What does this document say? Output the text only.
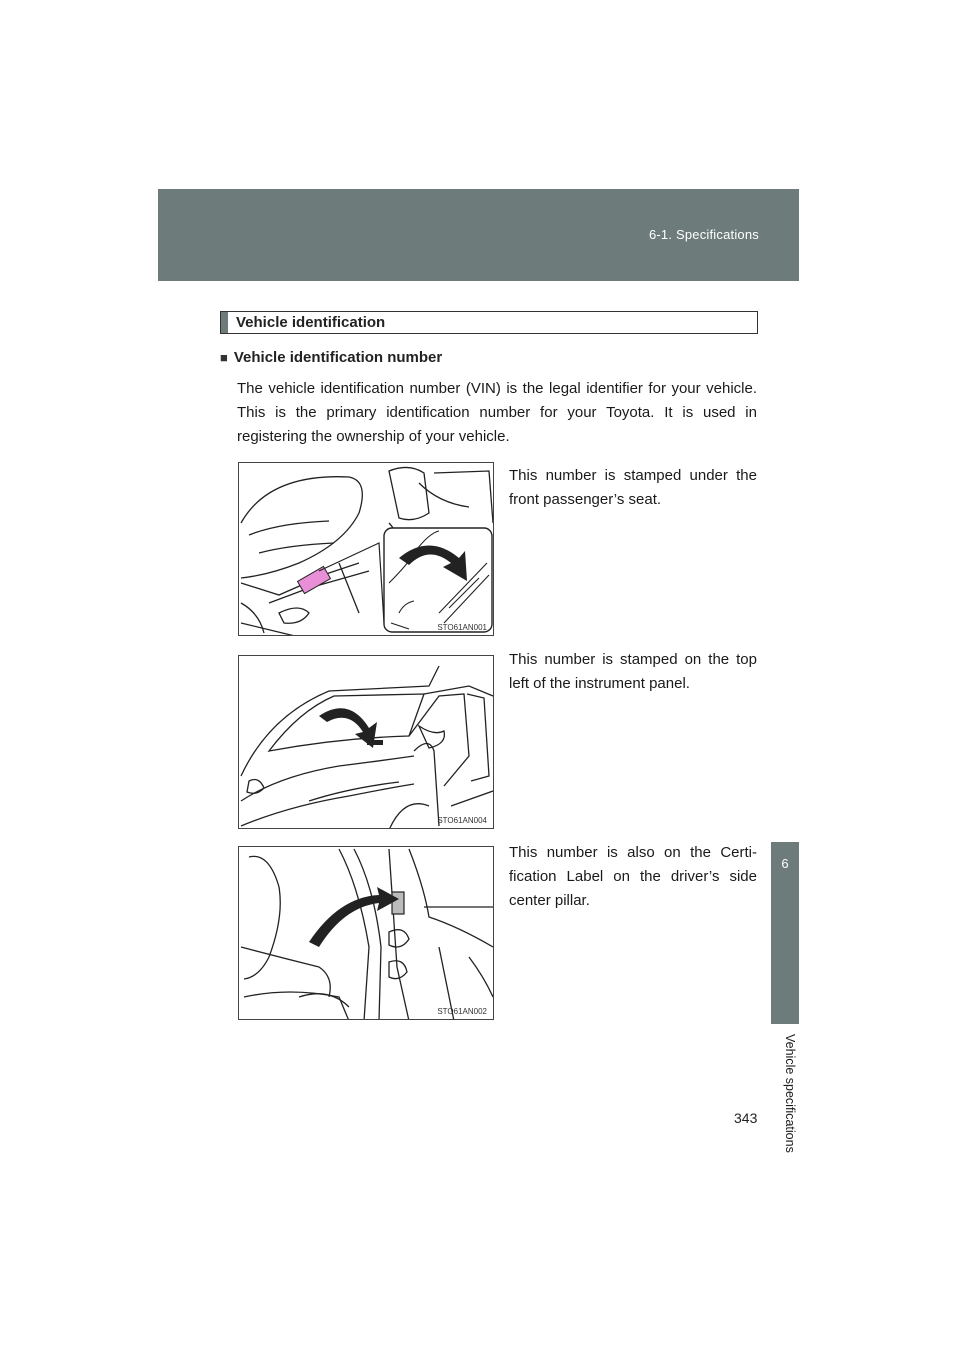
6-1. Specifications
6
Vehicle specifications
Vehicle identification
■ Vehicle identification number
The vehicle identification number (VIN) is the legal identifier for your vehicle. This is the primary identification number for your Toyota. It is used in registering the ownership of your vehicle.
STO61AN001
This number is stamped under the front passenger’s seat.
STO61AN004
This number is stamped on the top left of the instrument panel.
STO61AN002
This number is also on the Certi-fication Label on the driver’s side center pillar.
343
